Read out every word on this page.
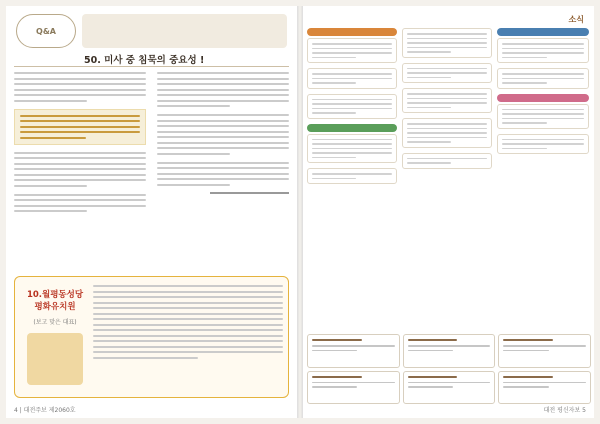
Q&A
50. 미사 중 침묵의 중요성 !
10.월평동성당 평화유치원
(보고 맞은 대표)
4 | 대전주보 제2060호
소식
대전 평신자보 5
